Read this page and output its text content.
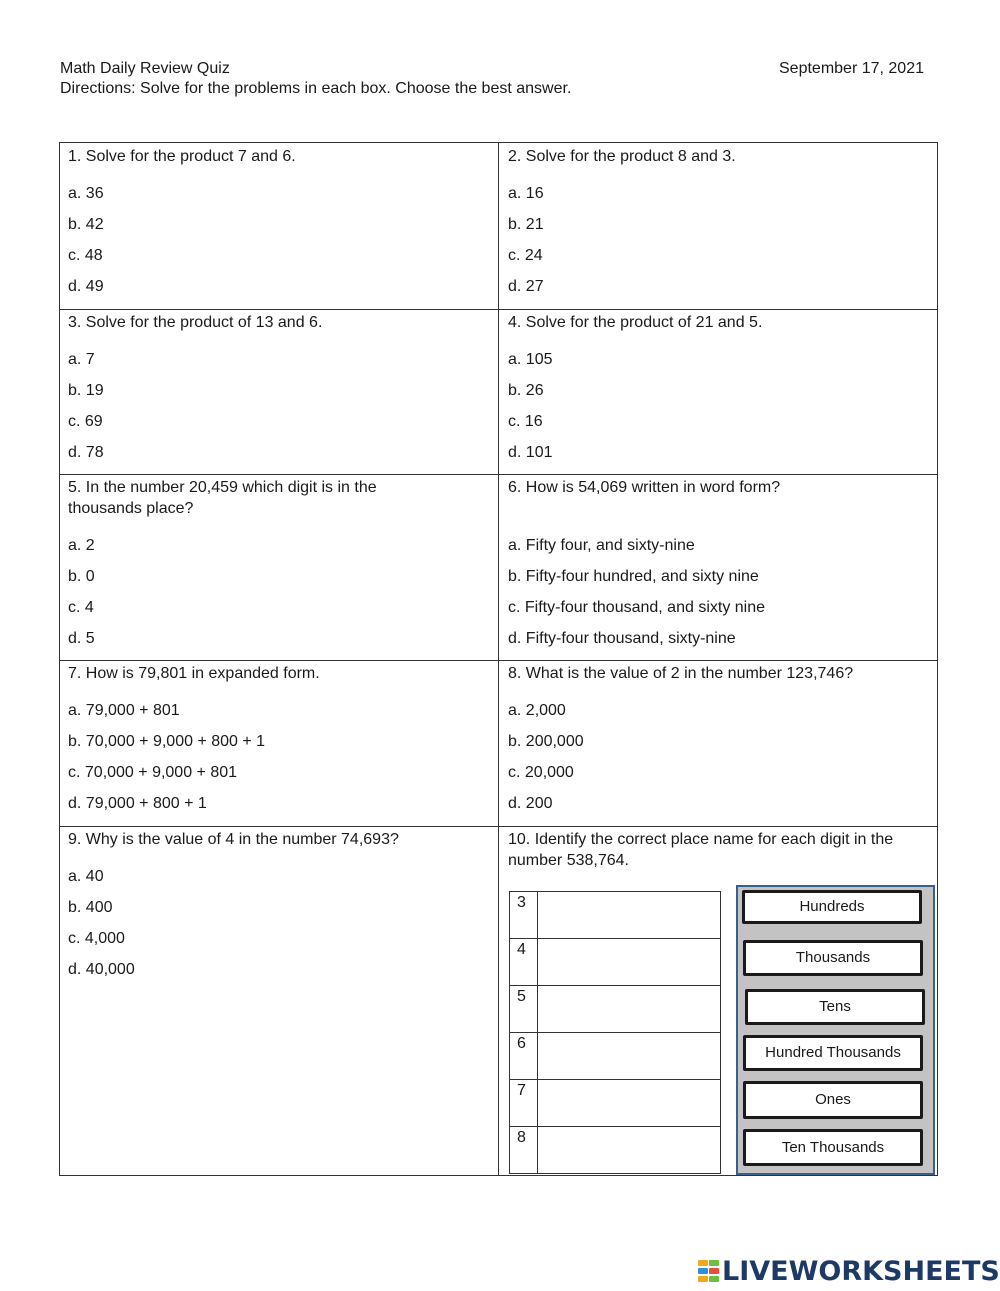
Math Daily Review Quiz	September 17, 2021
Directions: Solve for the problems in each box. Choose the best answer.
1. Solve for the product 7 and 6.
a. 36
b. 42
c. 48
d. 49
2. Solve for the product 8 and 3.
a. 16
b. 21
c. 24
d. 27
3. Solve for the product of 13 and 6.
a. 7
b. 19
c. 69
d. 78
4. Solve for the product of 21 and 5.
a. 105
b. 26
c. 16
d. 101
5. In the number 20,459 which digit is in the thousands place?
a. 2
b. 0
c. 4
d. 5
6. How is 54,069 written in word form?
a. Fifty four, and sixty-nine
b. Fifty-four hundred, and sixty nine
c. Fifty-four thousand, and sixty nine
d. Fifty-four thousand, sixty-nine
7. How is 79,801 in expanded form.
a. 79,000 + 801
b. 70,000 + 9,000 + 800 + 1
c. 70,000 + 9,000 + 801
d. 79,000 + 800 + 1
8. What is the value of 2 in the number 123,746?
a. 2,000
b. 200,000
c. 20,000
d. 200
9. Why is the value of 4 in the number 74,693?
a. 40
b. 400
c. 4,000
d. 40,000
10. Identify the correct place name for each digit in the number 538,764.
3	
4	
5	
6	
7	
8	
Hundreds
Thousands
Tens
Hundred Thousands
Ones
Ten Thousands
LIVEWORKSHEETS
